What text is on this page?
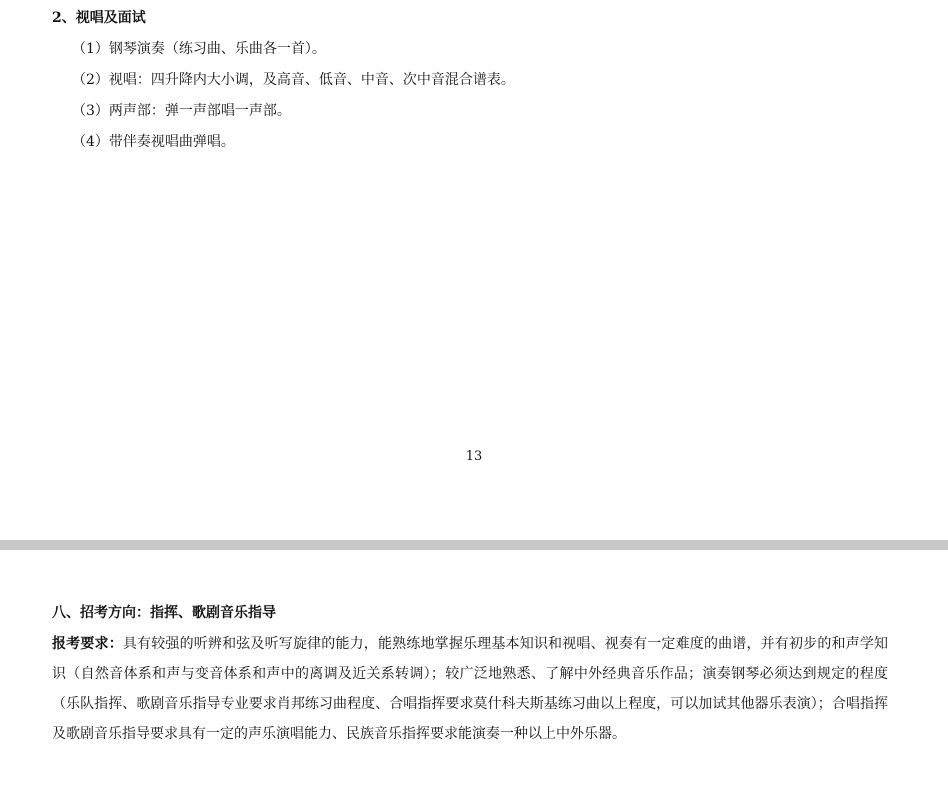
2、视唱及面试
（1）钢琴演奏（练习曲、乐曲各一首）。
（2）视唱：四升降内大小调，及高音、低音、中音、次中音混合谱表。
（3）两声部：弹一声部唱一声部。
（4）带伴奏视唱曲弹唱。
13
八、招考方向：指挥、歌剧音乐指导
报考要求：具有较强的听辨和弦及听写旋律的能力，能熟练地掌握乐理基本知识和视唱、视奏有一定难度的曲谱，并有初步的和声学知识（自然音体系和声与变音体系和声中的离调及近关系转调）；较广泛地熟悉、了解中外经典音乐作品；演奏钢琴必须达到规定的程度（乐队指挥、歌剧音乐指导专业要求肖邦练习曲程度、合唱指挥要求莫什科夫斯基练习曲以上程度，可以加试其他器乐表演）；合唱指挥及歌剧音乐指导要求具有一定的声乐演唱能力、民族音乐指挥要求能演奏一种以上中外乐器。
